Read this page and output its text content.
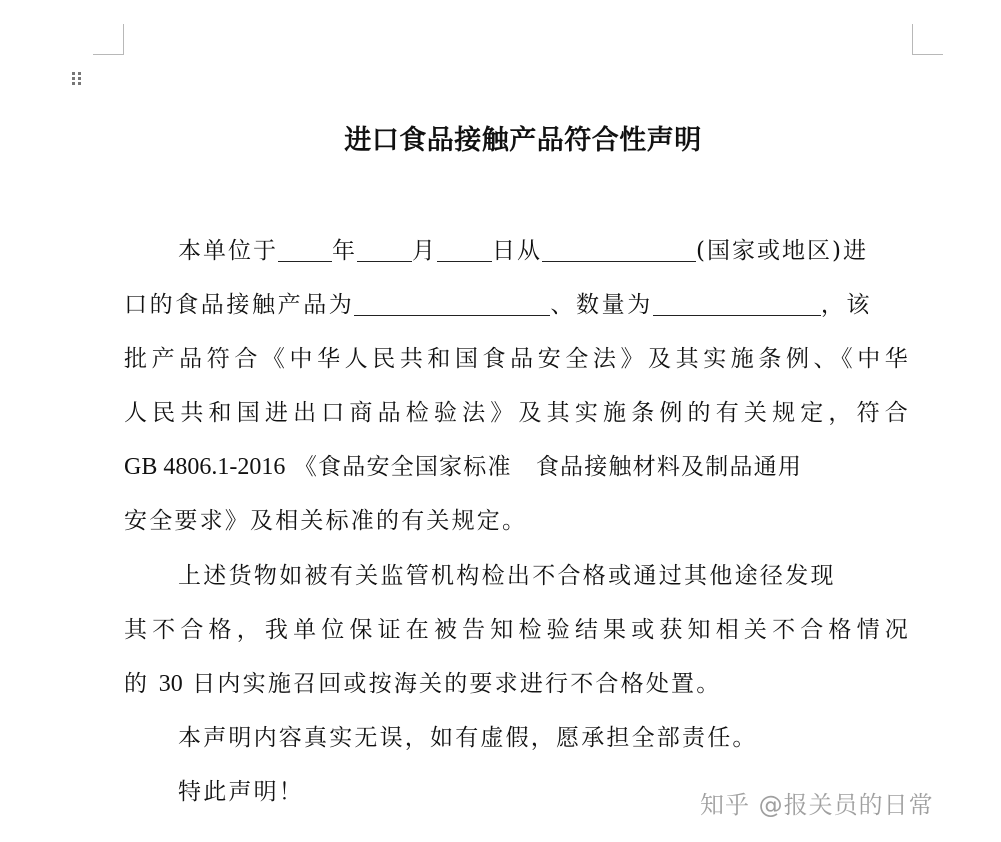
进口食品接触产品符合性声明
本单位于 年 月 日从	(国家或地区)进
口的食品接触产品为	、数量为	，该
批产品符合《中华人民共和国食品安全法》及其实施条例、《中华
人民共和国进出口商品检验法》及其实施条例的有关规定，符合
GB 4806.1-2016 《食品安全国家标准　食品接触材料及制品通用
安全要求》及相关标准的有关规定。
上述货物如被有关监管机构检出不合格或通过其他途径发现
其不合格，我单位保证在被告知检验结果或获知相关不合格情况
的 30 日内实施召回或按海关的要求进行不合格处置。
本声明内容真实无误，如有虚假，愿承担全部责任。
特此声明！	知乎 @报关员的日常
